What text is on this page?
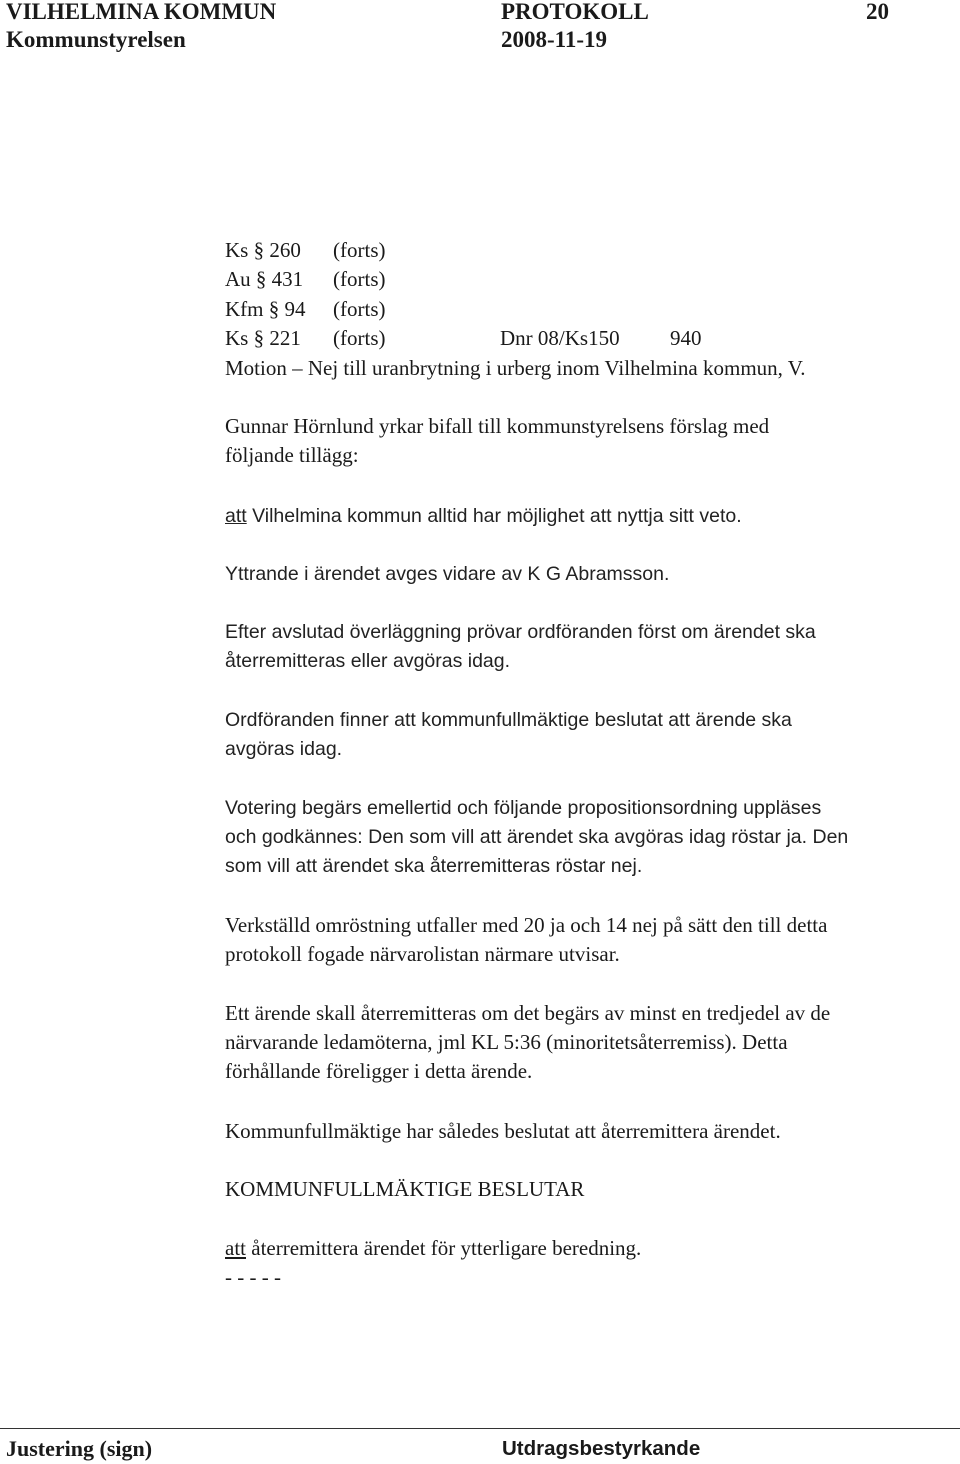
VILHELMINA KOMMUN	PROTOKOLL	20
Kommunstyrelsen	2008-11-19
Ks § 260 (forts)
Au § 431 (forts)
Kfm § 94 (forts)
Ks § 221 (forts)	Dnr 08/Ks150 940
Motion – Nej till uranbrytning i urberg inom Vilhelmina kommun, V.
Gunnar Hörnlund yrkar bifall till kommunstyrelsens förslag med
följande tillägg:
att Vilhelmina kommun alltid har möjlighet att nyttja sitt veto.
Yttrande i ärendet avges vidare av K G Abramsson.
Efter avslutad överläggning prövar ordföranden först om ärendet ska
återremitteras eller avgöras idag.
Ordföranden finner att kommunfullmäktige beslutat att ärende ska
avgöras idag.
Votering begärs emellertid och följande propositionsordning uppläses
och godkännes: Den som vill att ärendet ska avgöras idag röstar ja. Den
som vill att ärendet ska återremitteras röstar nej.
Verkställd omröstning utfaller med 20 ja och 14 nej på sätt den till detta
protokoll fogade närvarolistan närmare utvisar.
Ett ärende skall återremitteras om det begärs av minst en tredjedel av de
närvarande ledamöterna, jml KL 5:36 (minoritetsåterremiss). Detta
förhållande föreligger i detta ärende.
Kommunfullmäktige har således beslutat att återremittera ärendet.
KOMMUNFULLMÄKTIGE BESLUTAR
att återremittera ärendet för ytterligare beredning.
- - - - -
Justering (sign)	Utdragsbestyrkande
